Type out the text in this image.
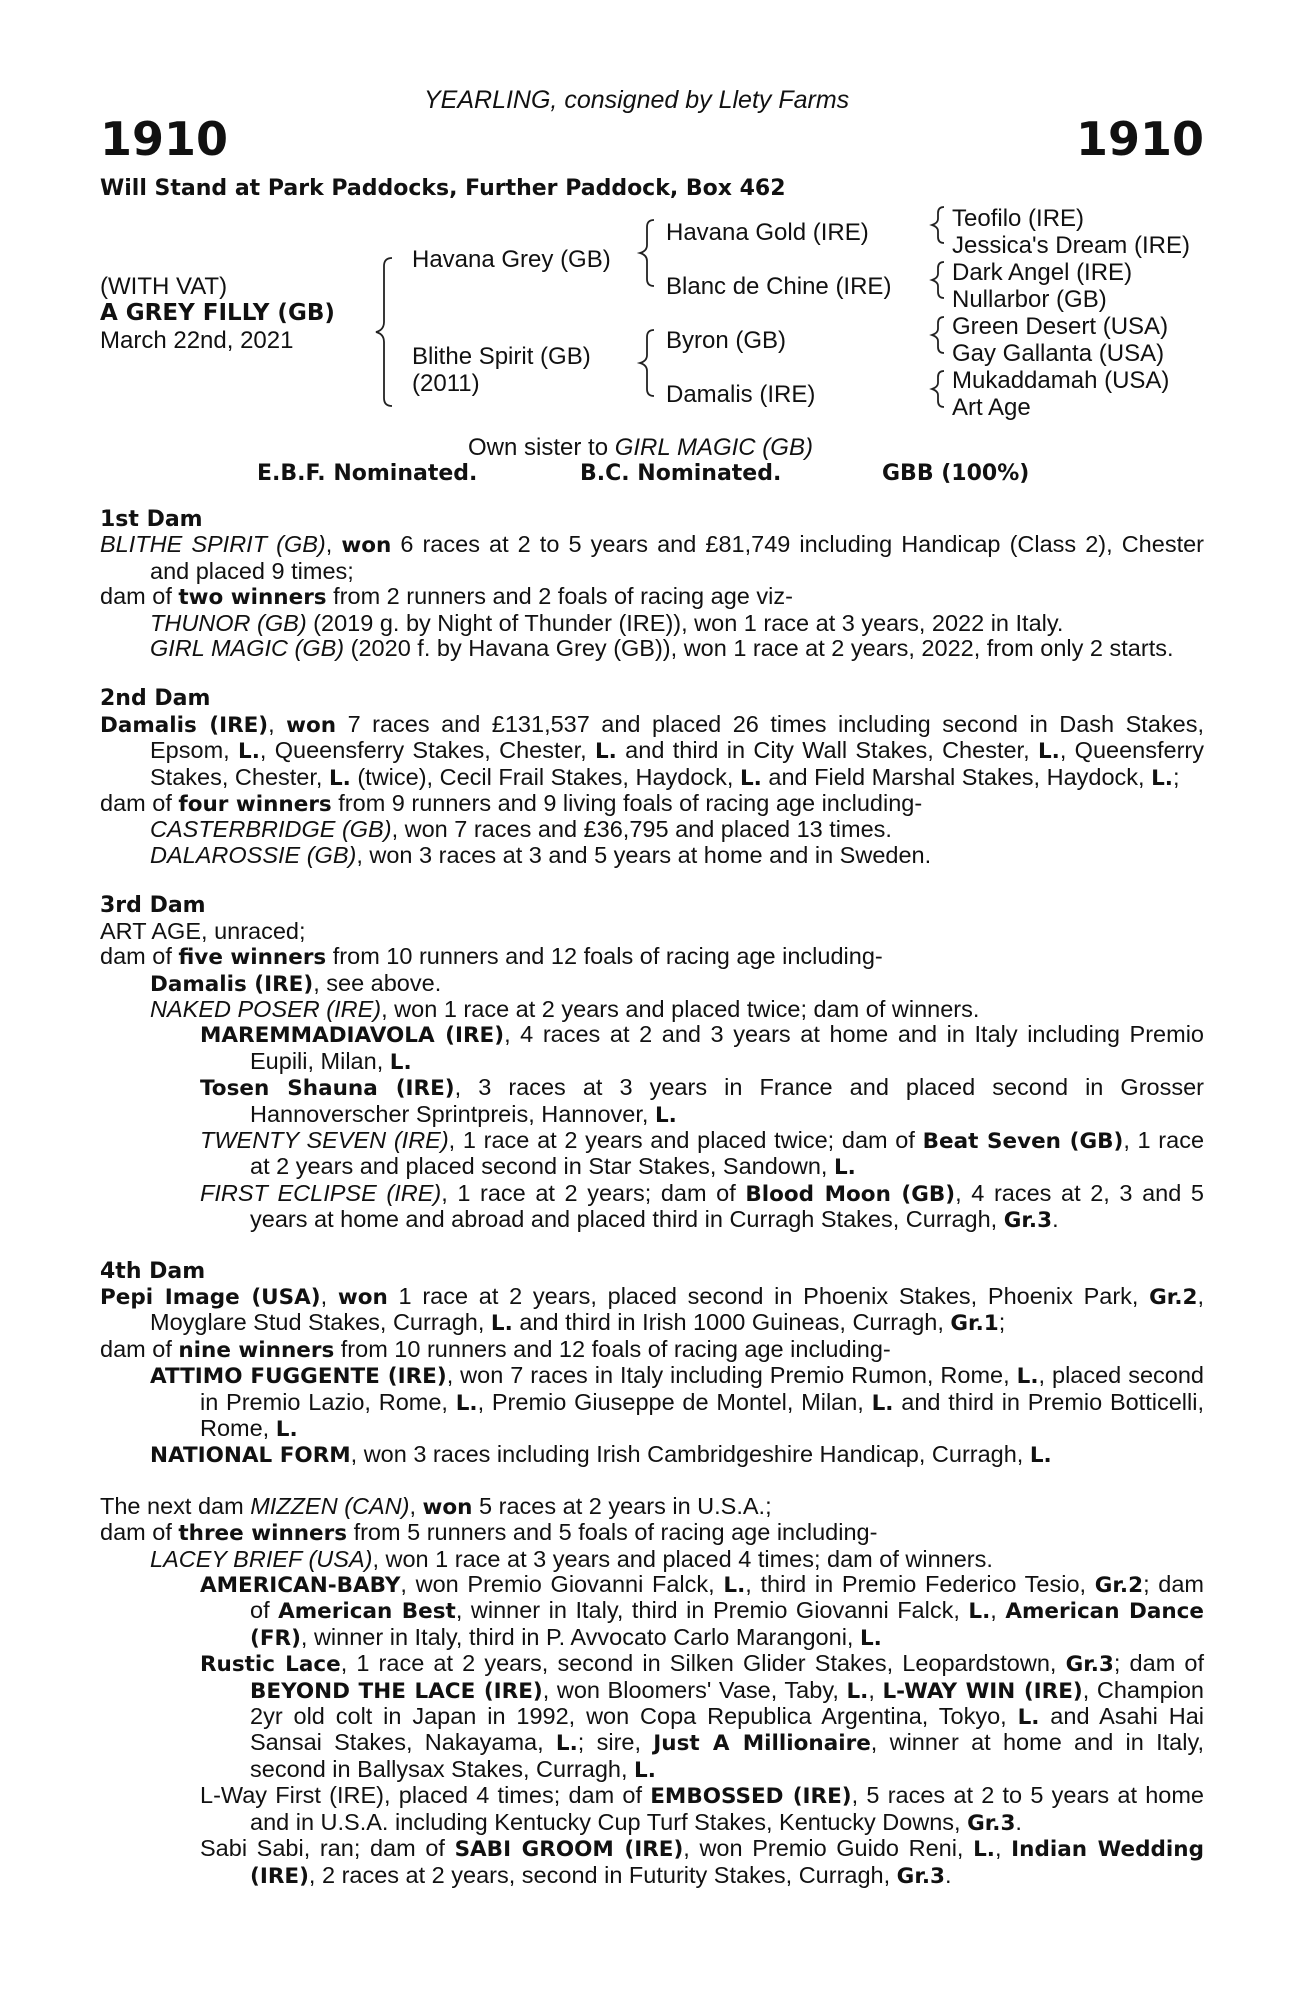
YEARLING, consigned by Llety Farms
1910	1910
Will Stand at Park Paddocks, Further Paddock, Box 462
(WITH VAT)
A GREY FILLY (GB)
March 22nd, 2021
Havana Grey (GB)
Blithe Spirit (GB)
(2011)
Havana Gold (IRE)
Blanc de Chine (IRE)
Byron (GB)
Damalis (IRE)
Teofilo (IRE)
Jessica's Dream (IRE)
Dark Angel (IRE)
Nullarbor (GB)
Green Desert (USA)
Gay Gallanta (USA)
Mukaddamah (USA)
Art Age
Own sister to GIRL MAGIC (GB)
E.B.F. Nominated.	B.C. Nominated.	GBB (100%)
1st Dam

BLITHE SPIRIT (GB), won 6 races at 2 to 5 years and £81,749 including Handicap (Class 2), Chester and placed 9 times;

dam of two winners from 2 runners and 2 foals of racing age viz-

THUNOR (GB) (2019 g. by Night of Thunder (IRE)), won 1 race at 3 years, 2022 in Italy.

GIRL MAGIC (GB) (2020 f. by Havana Grey (GB)), won 1 race at 2 years, 2022, from only 2 starts.

2nd Dam

Damalis (IRE), won 7 races and £131,537 and placed 26 times including second in Dash Stakes, Epsom, L., Queensferry Stakes, Chester, L. and third in City Wall Stakes, Chester, L., Queensferry Stakes, Chester, L. (twice), Cecil Frail Stakes, Haydock, L. and Field Marshal Stakes, Haydock, L.;

dam of four winners from 9 runners and 9 living foals of racing age including-

CASTERBRIDGE (GB), won 7 races and £36,795 and placed 13 times.

DALAROSSIE (GB), won 3 races at 3 and 5 years at home and in Sweden.

3rd Dam

ART AGE, unraced;

dam of five winners from 10 runners and 12 foals of racing age including-

Damalis (IRE), see above.

NAKED POSER (IRE), won 1 race at 2 years and placed twice; dam of winners.

MAREMMADIAVOLA (IRE), 4 races at 2 and 3 years at home and in Italy including Premio Eupili, Milan, L.

Tosen Shauna (IRE), 3 races at 3 years in France and placed second in Grosser Hannoverscher Sprintpreis, Hannover, L.

TWENTY SEVEN (IRE), 1 race at 2 years and placed twice; dam of Beat Seven (GB), 1 race at 2 years and placed second in Star Stakes, Sandown, L.

FIRST ECLIPSE (IRE), 1 race at 2 years; dam of Blood Moon (GB), 4 races at 2, 3 and 5 years at home and abroad and placed third in Curragh Stakes, Curragh, Gr.3.

4th Dam

Pepi Image (USA), won 1 race at 2 years, placed second in Phoenix Stakes, Phoenix Park, Gr.2, Moyglare Stud Stakes, Curragh, L. and third in Irish 1000 Guineas, Curragh, Gr.1;

dam of nine winners from 10 runners and 12 foals of racing age including-

ATTIMO FUGGENTE (IRE), won 7 races in Italy including Premio Rumon, Rome, L., placed second in Premio Lazio, Rome, L., Premio Giuseppe de Montel, Milan, L. and third in Premio Botticelli, Rome, L.

NATIONAL FORM, won 3 races including Irish Cambridgeshire Handicap, Curragh, L.

The next dam MIZZEN (CAN), won 5 races at 2 years in U.S.A.;

dam of three winners from 5 runners and 5 foals of racing age including-

LACEY BRIEF (USA), won 1 race at 3 years and placed 4 times; dam of winners.

AMERICAN-BABY, won Premio Giovanni Falck, L., third in Premio Federico Tesio, Gr.2; dam of American Best, winner in Italy, third in Premio Giovanni Falck, L., American Dance (FR), winner in Italy, third in P. Avvocato Carlo Marangoni, L.

Rustic Lace, 1 race at 2 years, second in Silken Glider Stakes, Leopardstown, Gr.3; dam of BEYOND THE LACE (IRE), won Bloomers' Vase, Taby, L., L-WAY WIN (IRE), Champion 2yr old colt in Japan in 1992, won Copa Republica Argentina, Tokyo, L. and Asahi Hai Sansai Stakes, Nakayama, L.; sire, Just A Millionaire, winner at home and in Italy, second in Ballysax Stakes, Curragh, L.

L-Way First (IRE), placed 4 times; dam of EMBOSSED (IRE), 5 races at 2 to 5 years at home and in U.S.A. including Kentucky Cup Turf Stakes, Kentucky Downs, Gr.3.

Sabi Sabi, ran; dam of SABI GROOM (IRE), won Premio Guido Reni, L., Indian Wedding (IRE), 2 races at 2 years, second in Futurity Stakes, Curragh, Gr.3.
